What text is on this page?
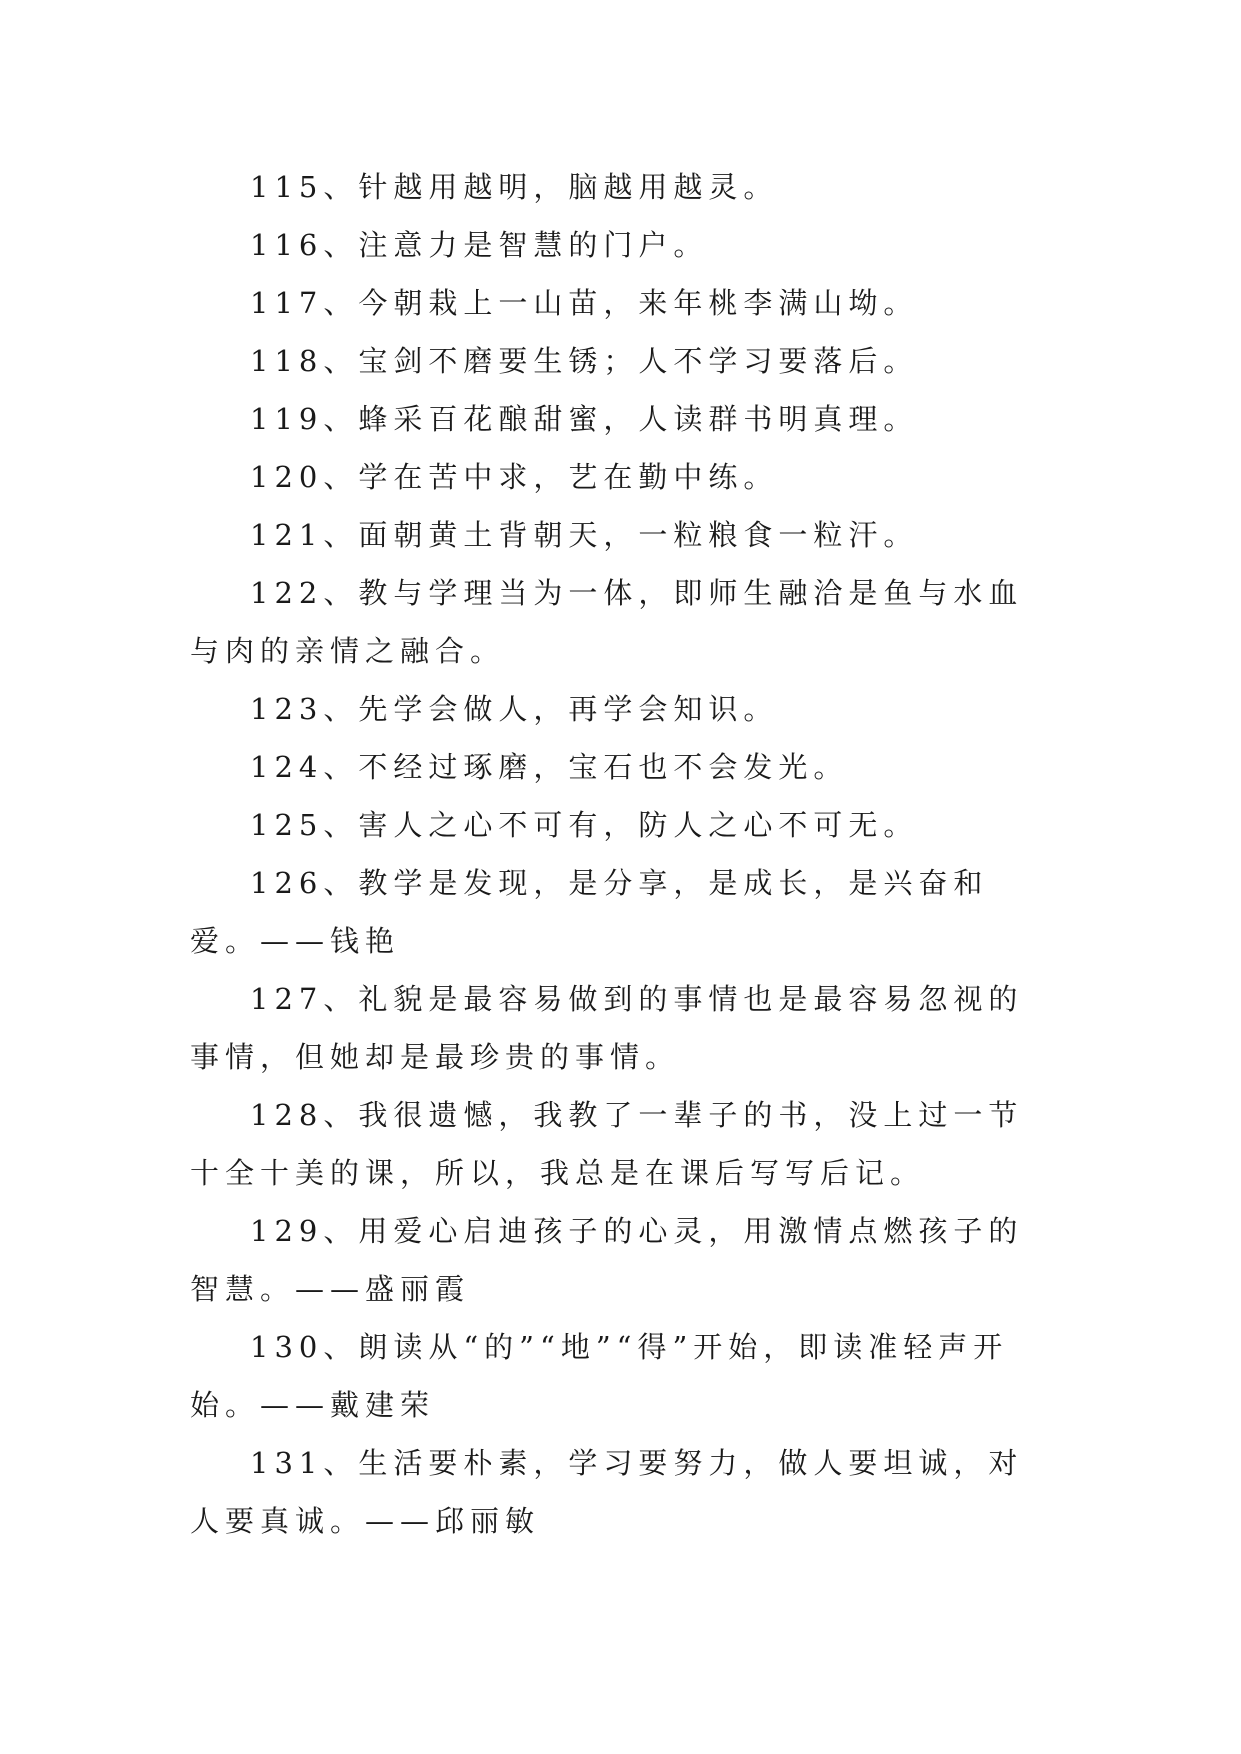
115、针越用越明，脑越用越灵。

116、注意力是智慧的门户。

117、今朝栽上一山苗，来年桃李满山坳。

118、宝剑不磨要生锈；人不学习要落后。

119、蜂采百花酿甜蜜，人读群书明真理。

120、学在苦中求，艺在勤中练。

121、面朝黄土背朝天，一粒粮食一粒汗。

122、教与学理当为一体，即师生融洽是鱼与水血与肉的亲情之融合。

123、先学会做人，再学会知识。

124、不经过琢磨，宝石也不会发光。

125、害人之心不可有，防人之心不可无。

126、教学是发现，是分享，是成长，是兴奋和爱。——钱艳

127、礼貌是最容易做到的事情也是最容易忽视的事情，但她却是最珍贵的事情。

128、我很遗憾，我教了一辈子的书，没上过一节十全十美的课，所以，我总是在课后写写后记。

129、用爱心启迪孩子的心灵，用激情点燃孩子的智慧。——盛丽霞

130、朗读从“的”“地”“得”开始，即读准轻声开始。——戴建荣

131、生活要朴素，学习要努力，做人要坦诚，对人要真诚。——邱丽敏
